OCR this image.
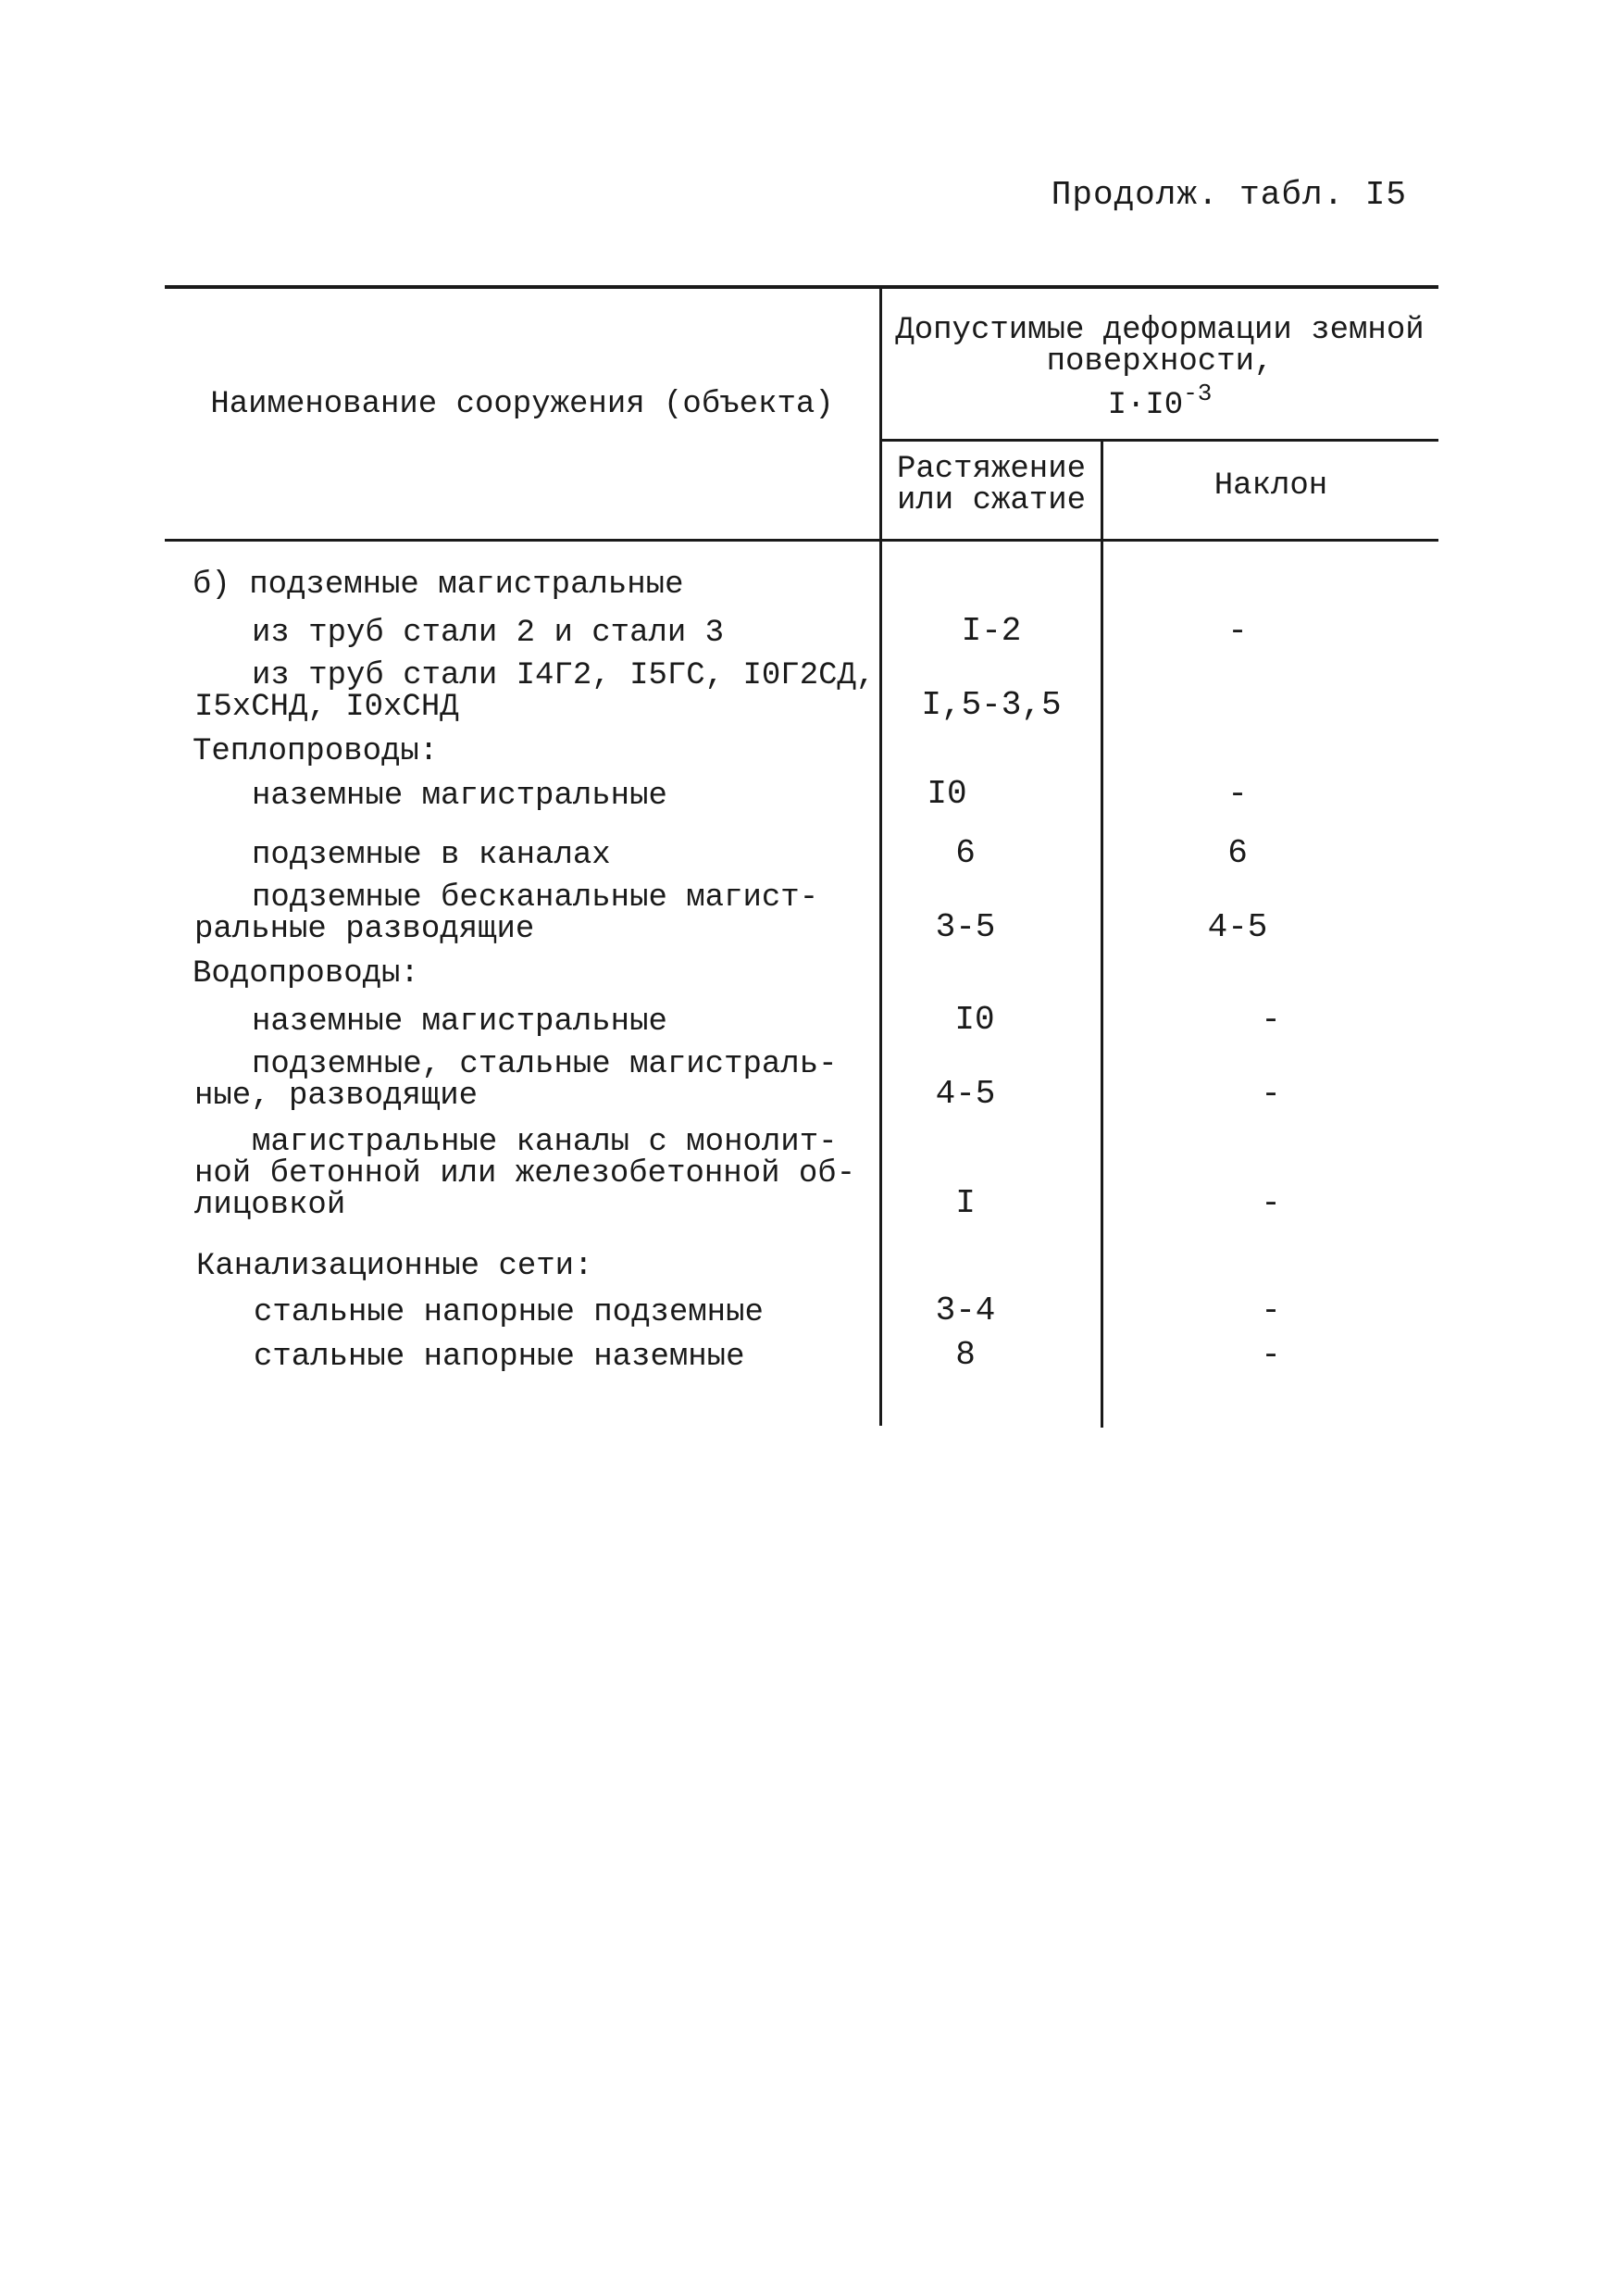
Продолж. табл. I5
Наименование сооружения (объекта)
Допустимые деформации земной
поверхности,
$I\cdot I0^{-3}$
Растяжение
или сжатие	Наклон
б) подземные магистральные
из труб стали 2 и стали 3	I-2	-
из труб стали I4Г2, I5ГС, I0Г2СД,
I5хСНД, I0хСНД	I,5-3,5
Теплопроводы:
наземные магистральные	I0	-
подземные в каналах	6	6
подземные бесканальные магист-
ральные разводящие	3-5	4-5
Водопроводы:
наземные магистральные	I0	-
подземные, стальные магистраль-
ные, разводящие	4-5	-
магистральные каналы с монолит-
ной бетонной или железобетонной об-
лицовкой	I	-
Канализационные сети:
стальные напорные подземные	3-4	-
стальные напорные наземные	8	-
